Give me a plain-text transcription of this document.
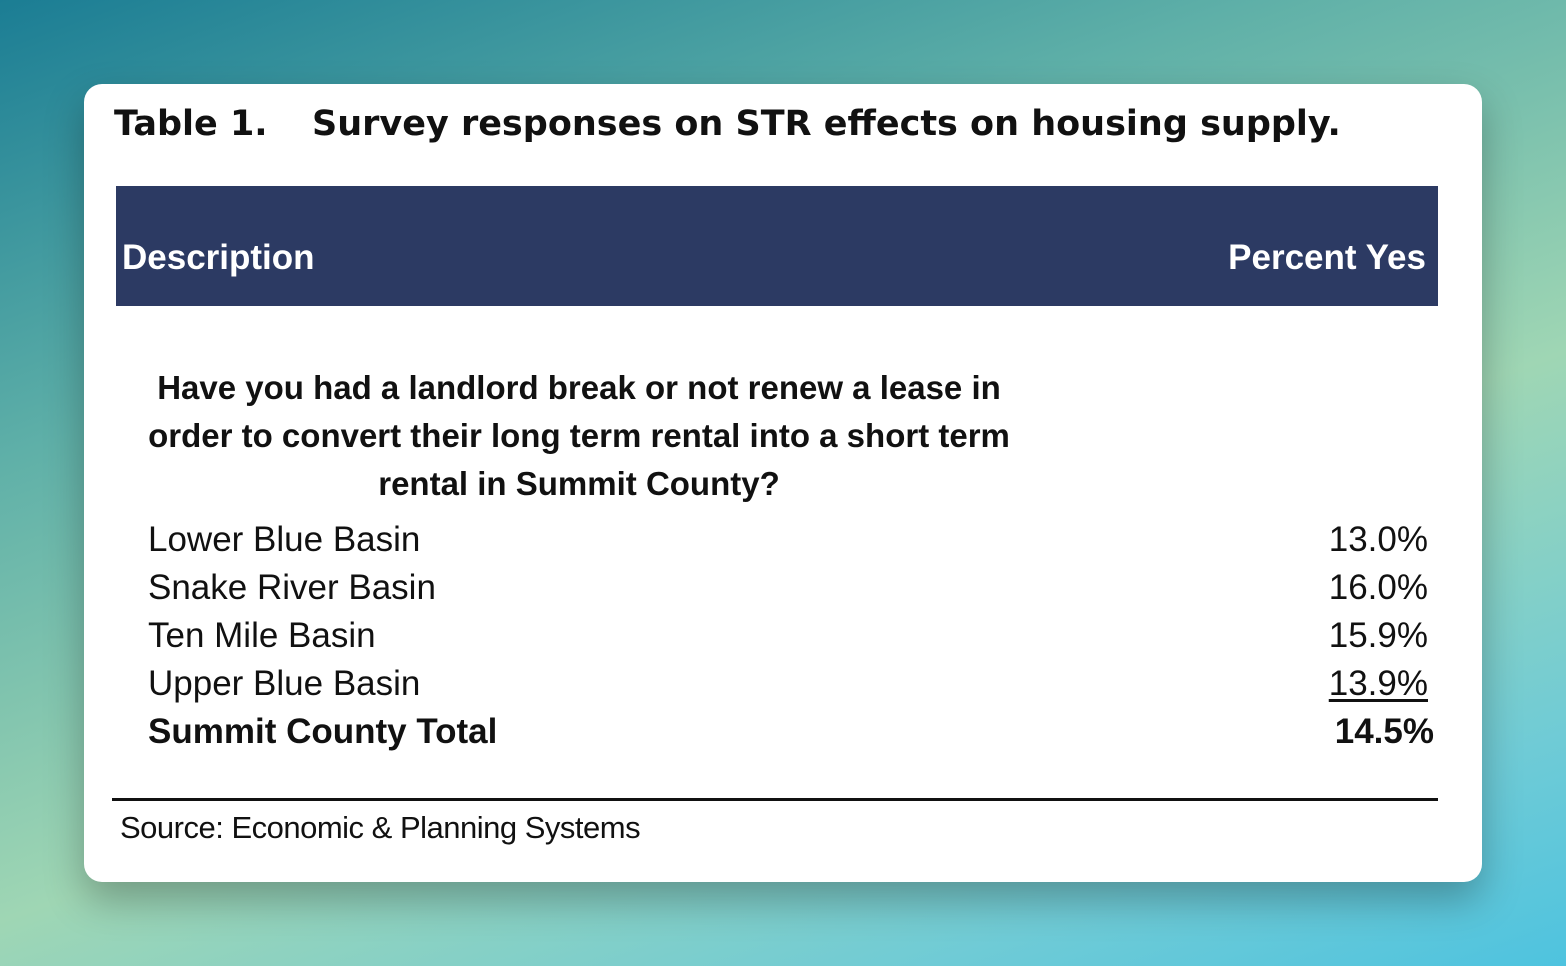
Table 1. Survey responses on STR effects on housing supply.
Description	Percent Yes
Have you had a landlord break or not renew a lease in order to convert their long term rental into a short term rental in Summit County?
Lower Blue Basin	13.0%
Snake River Basin	16.0%
Ten Mile Basin	15.9%
Upper Blue Basin	13.9%
Summit County Total	14.5%
Source: Economic & Planning Systems
